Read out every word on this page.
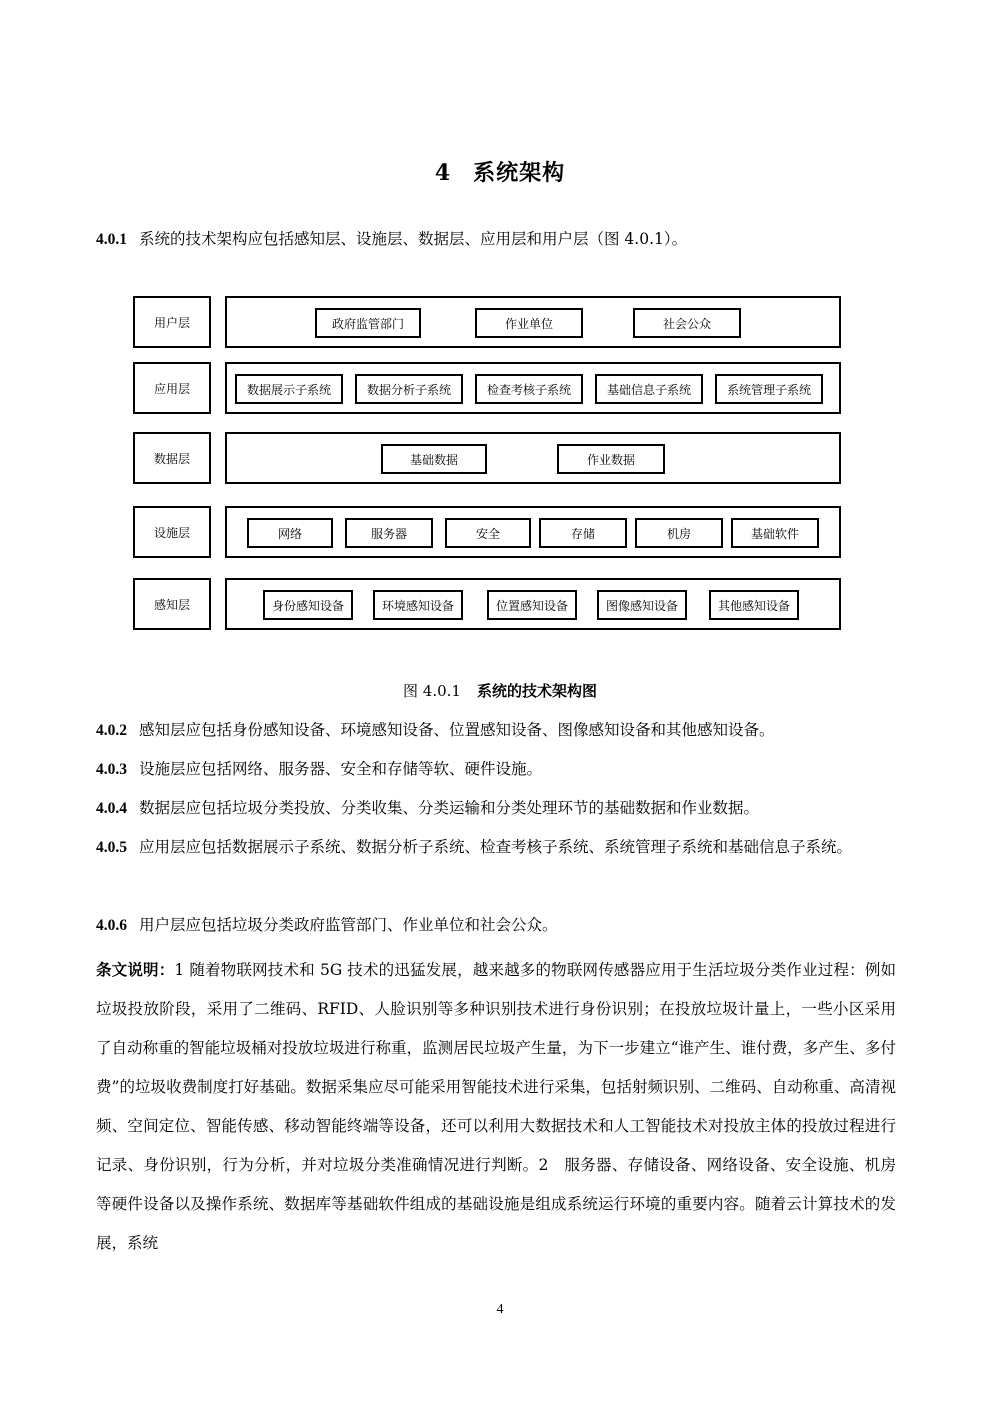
4 系统架构
4.0.1 系统的技术架构应包括感知层、设施层、数据层、应用层和用户层（图 4.0.1）。
用户层	政府监管部门	作业单位	社会公众
应用层	数据展示子系统	数据分析子系统	检查考核子系统	基础信息子系统	系统管理子系统
数据层	基础数据	作业数据
设施层	网络	服务器	安全	存储	机房	基础软件
感知层	身份感知设备	环境感知设备	位置感知设备	图像感知设备	其他感知设备
图 4.0.1 系统的技术架构图
4.0.2 感知层应包括身份感知设备、环境感知设备、位置感知设备、图像感知设备和其他感知设备。
4.0.3 设施层应包括网络、服务器、安全和存储等软、硬件设施。
4.0.4 数据层应包括垃圾分类投放、分类收集、分类运输和分类处理环节的基础数据和作业数据。
4.0.5 应用层应包括数据展示子系统、数据分析子系统、检查考核子系统、系统管理子系统和基础信息子系统。
4.0.6 用户层应包括垃圾分类政府监管部门、作业单位和社会公众。
条文说明：1 随着物联网技术和 5G 技术的迅猛发展，越来越多的物联网传感器应用于生活垃圾分类作业过程：例如垃圾投放阶段，采用了二维码、RFID、人脸识别等多种识别技术进行身份识别；在投放垃圾计量上，一些小区采用了自动称重的智能垃圾桶对投放垃圾进行称重，监测居民垃圾产生量，为下一步建立“谁产生、谁付费，多产生、多付费”的垃圾收费制度打好基础。数据采集应尽可能采用智能技术进行采集，包括射频识别、二维码、自动称重、高清视频、空间定位、智能传感、移动智能终端等设备，还可以利用大数据技术和人工智能技术对投放主体的投放过程进行记录、身份识别，行为分析，并对垃圾分类准确情况进行判断。2　服务器、存储设备、网络设备、安全设施、机房等硬件设备以及操作系统、数据库等基础软件组成的基础设施是组成系统运行环境的重要内容。随着云计算技术的发展，系统
4
